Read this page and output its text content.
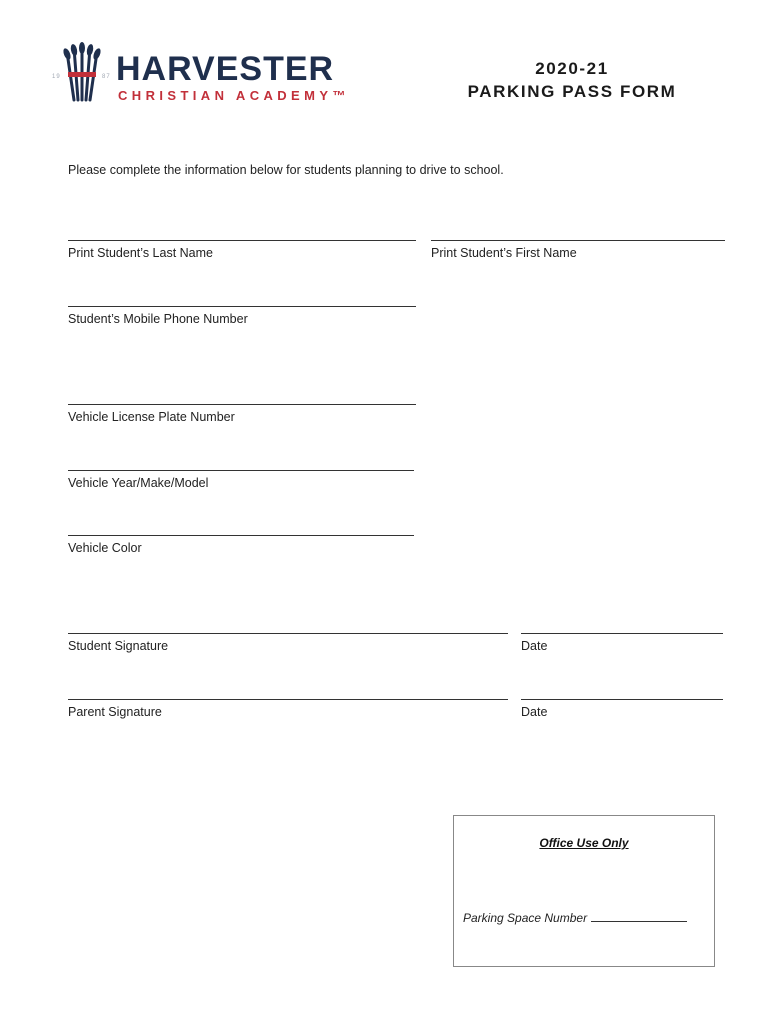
19	87 HARVESTER
CHRISTIAN ACADEMY™
2020-21
PARKING PASS FORM
Please complete the information below for students planning to drive to school.
Print Student’s Last Name	Print Student’s First Name
Student’s Mobile Phone Number
Vehicle License Plate Number
Vehicle Year/Make/Model
Vehicle Color
Student Signature	Date
Parent Signature	Date
Office Use Only
Parking Space Number
